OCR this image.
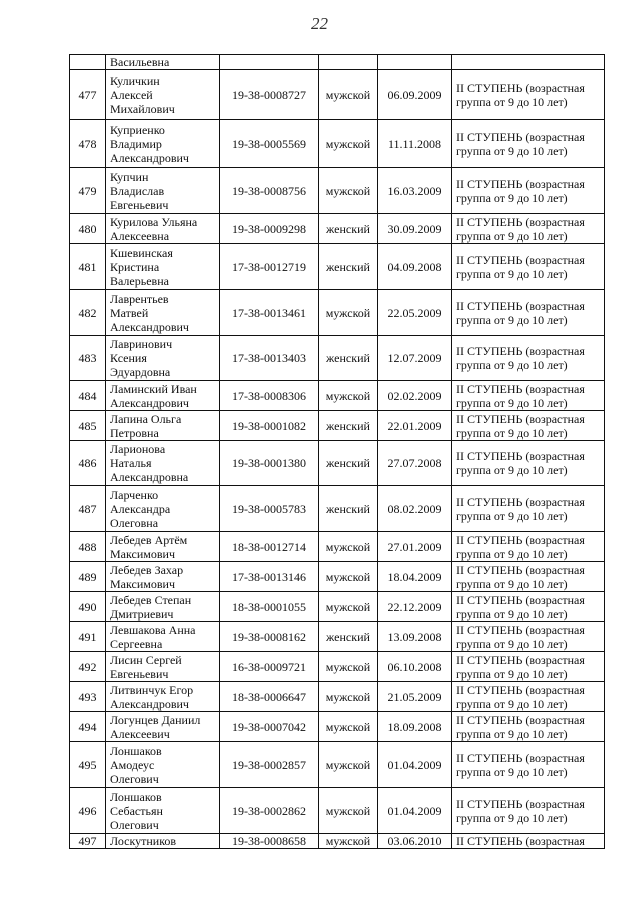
22

	Васильевна				

477	Куличкин
Алексей
Михайлович	19-38-0008727	мужской	06.09.2009	II СТУПЕНЬ (возрастная
группа от 9 до 10 лет)

478	Куприенко
Владимир
Александрович	19-38-0005569	мужской	11.11.2008	II СТУПЕНЬ (возрастная
группа от 9 до 10 лет)

479	Купчин
Владислав
Евгеньевич	19-38-0008756	мужской	16.03.2009	II СТУПЕНЬ (возрастная
группа от 9 до 10 лет)

480	Курилова Ульяна
Алексеевна	19-38-0009298	женский	30.09.2009	II СТУПЕНЬ (возрастная
группа от 9 до 10 лет)

481	Кшевинская
Кристина
Валерьевна	17-38-0012719	женский	04.09.2008	II СТУПЕНЬ (возрастная
группа от 9 до 10 лет)

482	Лаврентьев
Матвей
Александрович	17-38-0013461	мужской	22.05.2009	II СТУПЕНЬ (возрастная
группа от 9 до 10 лет)

483	Лавринович
Ксения
Эдуардовна	17-38-0013403	женский	12.07.2009	II СТУПЕНЬ (возрастная
группа от 9 до 10 лет)

484	Ламинский Иван
Александрович	17-38-0008306	мужской	02.02.2009	II СТУПЕНЬ (возрастная
группа от 9 до 10 лет)

485	Лапина Ольга
Петровна	19-38-0001082	женский	22.01.2009	II СТУПЕНЬ (возрастная
группа от 9 до 10 лет)

486	Ларионова
Наталья
Александровна	19-38-0001380	женский	27.07.2008	II СТУПЕНЬ (возрастная
группа от 9 до 10 лет)

487	Ларченко
Александра
Олеговна	19-38-0005783	женский	08.02.2009	II СТУПЕНЬ (возрастная
группа от 9 до 10 лет)

488	Лебедев Артём
Максимович	18-38-0012714	мужской	27.01.2009	II СТУПЕНЬ (возрастная
группа от 9 до 10 лет)

489	Лебедев Захар
Максимович	17-38-0013146	мужской	18.04.2009	II СТУПЕНЬ (возрастная
группа от 9 до 10 лет)

490	Лебедев Степан
Дмитриевич	18-38-0001055	мужской	22.12.2009	II СТУПЕНЬ (возрастная
группа от 9 до 10 лет)

491	Левшакова Анна
Сергеевна	19-38-0008162	женский	13.09.2008	II СТУПЕНЬ (возрастная
группа от 9 до 10 лет)

492	Лисин Сергей
Евгеньевич	16-38-0009721	мужской	06.10.2008	II СТУПЕНЬ (возрастная
группа от 9 до 10 лет)

493	Литвинчук Егор
Александрович	18-38-0006647	мужской	21.05.2009	II СТУПЕНЬ (возрастная
группа от 9 до 10 лет)

494	Логунцев Даниил
Алексеевич	19-38-0007042	мужской	18.09.2008	II СТУПЕНЬ (возрастная
группа от 9 до 10 лет)

495	Лоншаков
Амодеус
Олегович	19-38-0002857	мужской	01.04.2009	II СТУПЕНЬ (возрастная
группа от 9 до 10 лет)

496	Лоншаков
Себастьян
Олегович	19-38-0002862	мужской	01.04.2009	II СТУПЕНЬ (возрастная
группа от 9 до 10 лет)

497	Лоскутников	19-38-0008658	мужской	03.06.2010	II СТУПЕНЬ (возрастная
